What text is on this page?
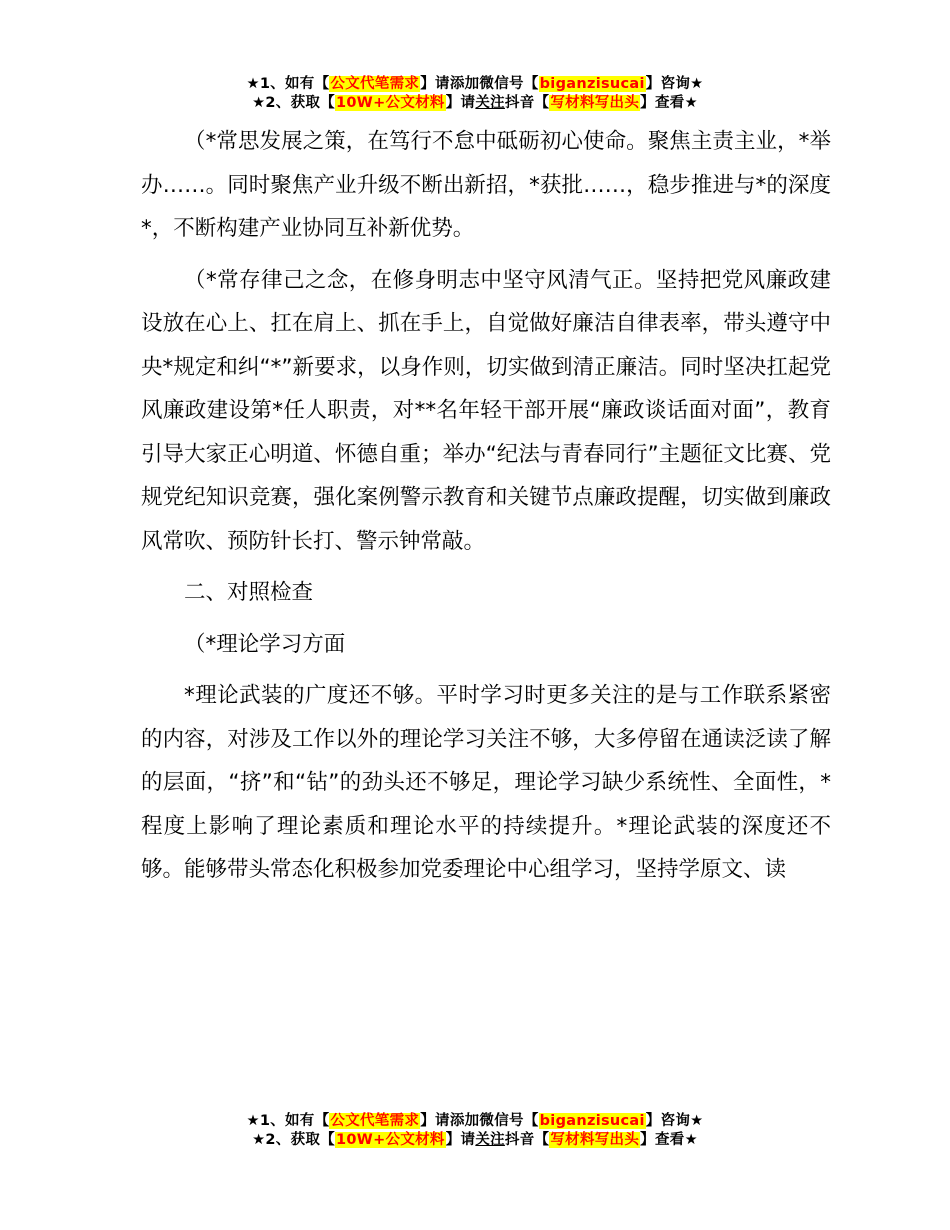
★1、如有【公文代笔需求】请添加微信号【biganzisucai】咨询★
★2、获取【10W+公文材料】请关注抖音【写材料写出头】查看★

（*常思发展之策，在笃行不怠中砥砺初心使命。聚焦主责主业，*举办……。同时聚焦产业升级不断出新招，*获批……，稳步推进与*的深度*，不断构建产业协同互补新优势。

（*常存律己之念，在修身明志中坚守风清气正。坚持把党风廉政建设放在心上、扛在肩上、抓在手上，自觉做好廉洁自律表率，带头遵守中央*规定和纠“*”新要求，以身作则，切实做到清正廉洁。同时坚决扛起党风廉政建设第*任人职责，对**名年轻干部开展“廉政谈话面对面”，教育引导大家正心明道、怀德自重；举办“纪法与青春同行”主题征文比赛、党规党纪知识竞赛，强化案例警示教育和关键节点廉政提醒，切实做到廉政风常吹、预防针长打、警示钟常敲。

二、对照检查

（*理论学习方面

*理论武装的广度还不够。平时学习时更多关注的是与工作联系紧密的内容，对涉及工作以外的理论学习关注不够，大多停留在通读泛读了解的层面，“挤”和“钻”的劲头还不够足，理论学习缺少系统性、全面性，*程度上影响了理论素质和理论水平的持续提升。*理论武装的深度还不够。能够带头常态化积极参加党委理论中心组学习，坚持学原文、读

★1、如有【公文代笔需求】请添加微信号【biganzisucai】咨询★
★2、获取【10W+公文材料】请关注抖音【写材料写出头】查看★
